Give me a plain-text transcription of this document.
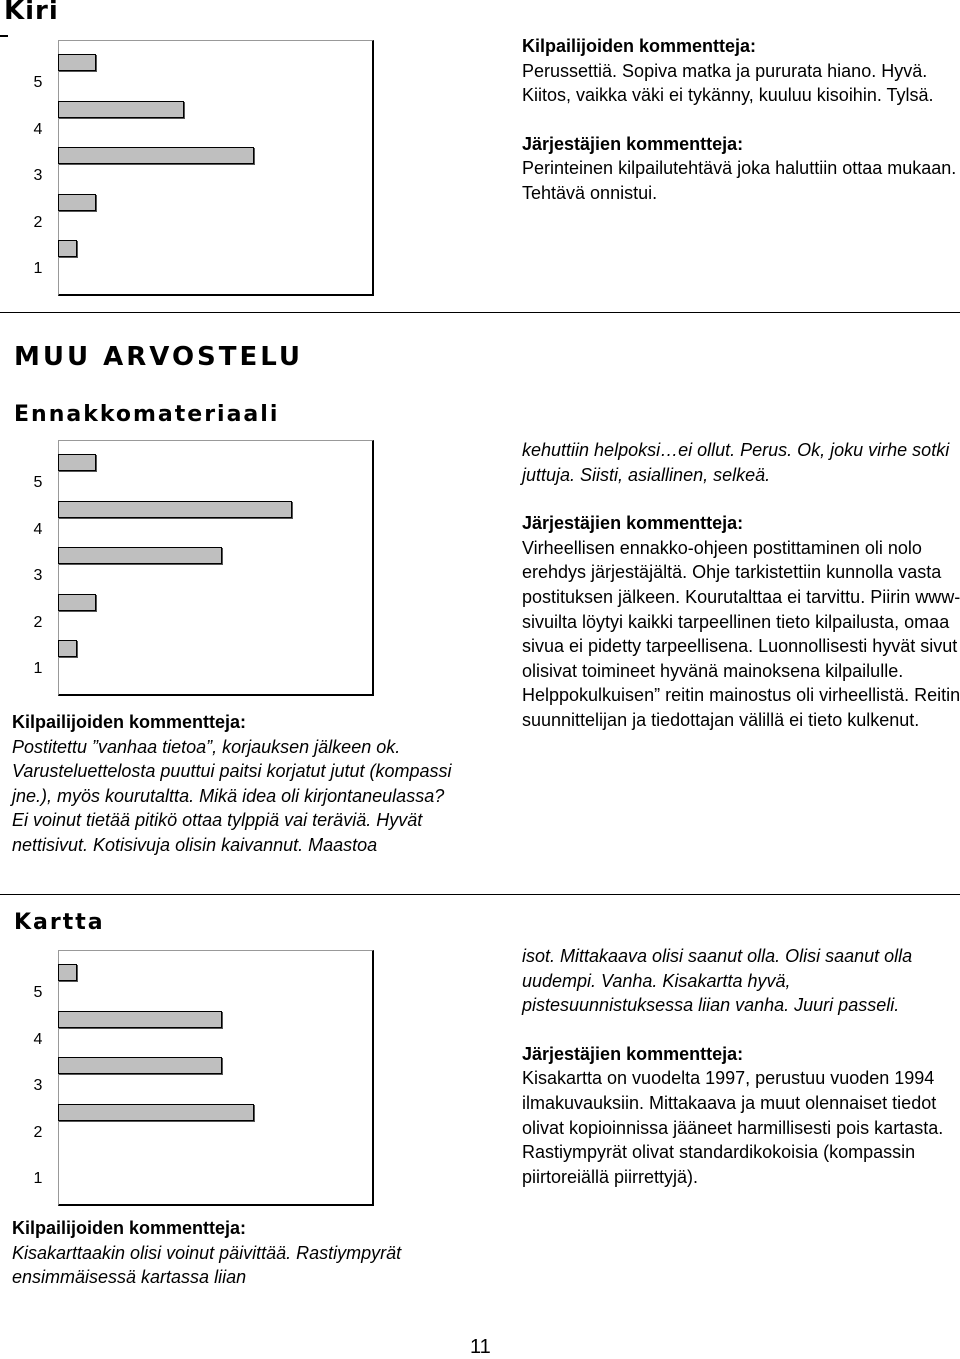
Kiri
5
4
3
2
1
Kilpailijoiden kommentteja:
Perussettiä. Sopiva matka ja pururata hiano. Hyvä. Kiitos, vaikka väki ei tykänny, kuuluu kisoihin. Tylsä.
Järjestäjien kommentteja:
Perinteinen kilpailutehtävä joka haluttiin ottaa mukaan. Tehtävä onnistui.
MUU ARVOSTELU
Ennakkomateriaali
5
4
3
2
1
Kilpailijoiden kommentteja:
Postitettu ”vanhaa tietoa”, korjauksen jälkeen ok. Varusteluettelosta puuttui paitsi korjatut jutut (kompassi jne.), myös kourutaltta. Mikä idea oli kirjontaneulassa? Ei voinut tietää pitikö ottaa tylppiä vai teräviä. Hyvät nettisivut. Kotisivuja olisin kaivannut. Maastoa
kehuttiin helpoksi…ei ollut. Perus. Ok, joku virhe sotki juttuja. Siisti, asiallinen, selkeä.
Järjestäjien kommentteja:
Virheellisen ennakko-ohjeen postittaminen oli nolo erehdys järjestäjältä. Ohje tarkistettiin kunnolla vasta postituksen jälkeen. Kourutalttaa ei tarvittu. Piirin www-sivuilta löytyi kaikki tarpeellinen tieto kilpailusta, omaa sivua ei pidetty tarpeellisena. Luonnollisesti hyvät sivut olisivat toimineet hyvänä mainoksena kilpailulle. Helppokulkuisen” reitin mainostus oli virheellistä. Reitin suunnittelijan ja tiedottajan välillä ei tieto kulkenut.
Kartta
5
4
3
2
1
Kilpailijoiden kommentteja:
Kisakarttaakin olisi voinut päivittää. Rastiympyrät ensimmäisessä kartassa liian
isot. Mittakaava olisi saanut olla. Olisi saanut olla uudempi. Vanha. Kisakartta hyvä, pistesuunnistuksessa liian vanha. Juuri passeli.
Järjestäjien kommentteja:
Kisakartta on vuodelta 1997, perustuu vuoden 1994 ilmakuvauksiin. Mittakaava ja muut olennaiset tiedot olivat kopioinnissa jääneet harmillisesti pois kartasta. Rastiympyrät olivat standardikokoisia (kompassin piirtoreiällä piirrettyjä).
11
